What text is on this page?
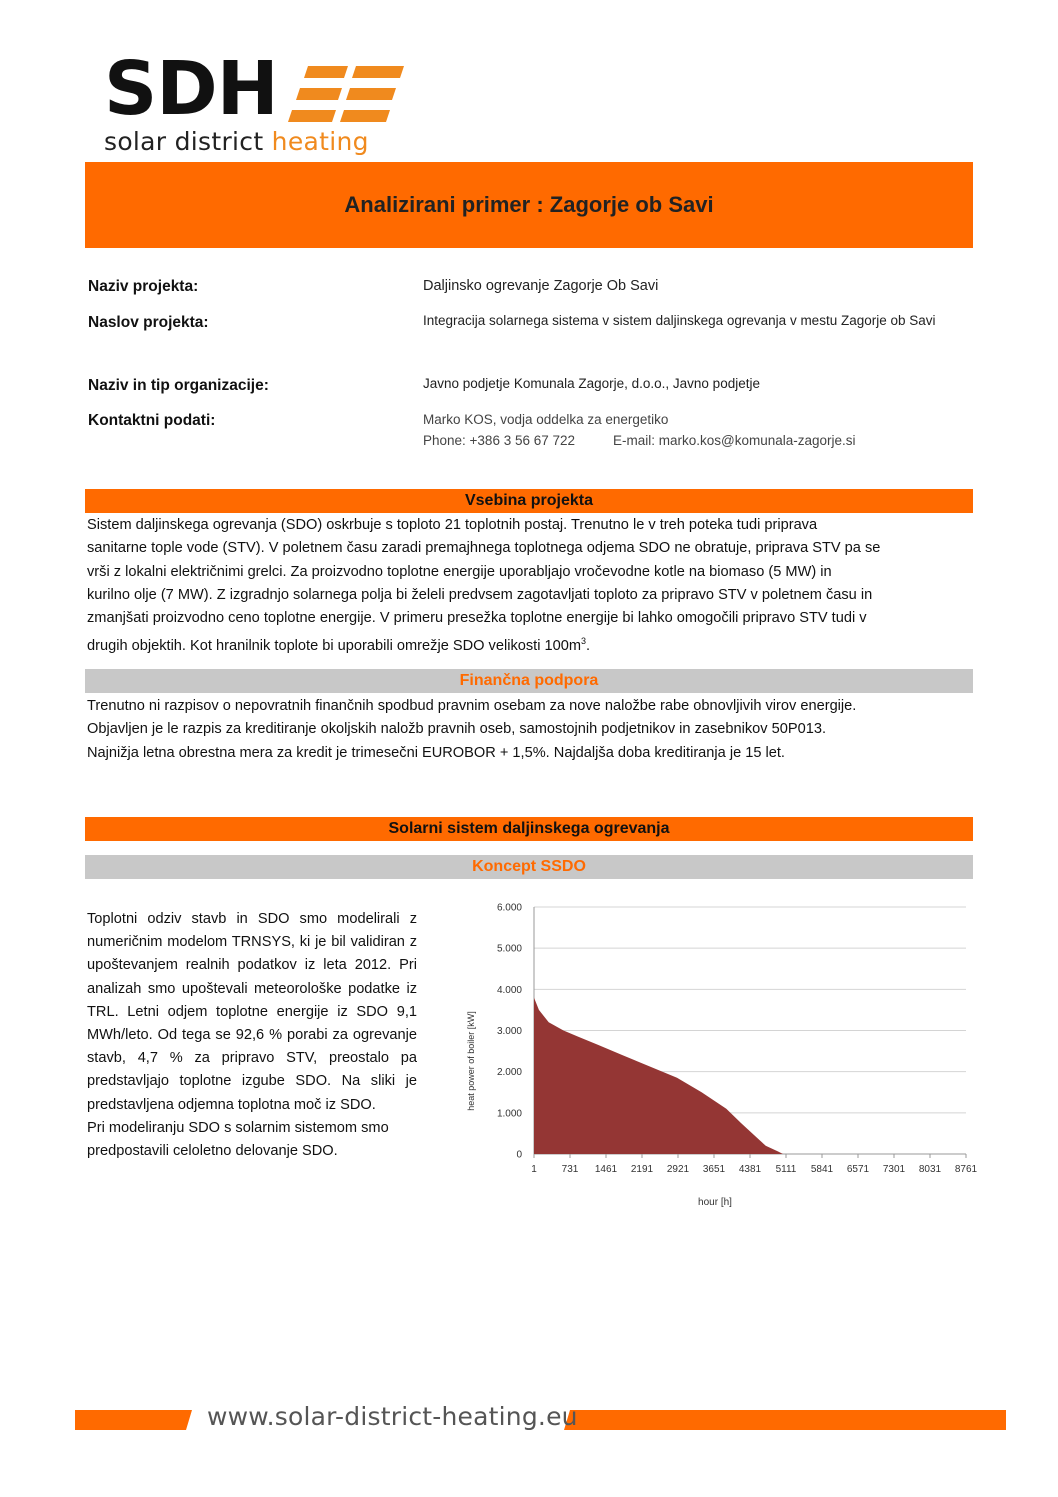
SDH
solar district heating
Analizirani primer : Zagorje ob Savi
Naziv projekta:	Daljinsko ogrevanje Zagorje Ob Savi
Naslov projekta:	Integracija solarnega sistema v sistem daljinskega ogrevanja v mestu Zagorje ob Savi
Naziv in tip organizacije:	Javno podjetje Komunala Zagorje, d.o.o., Javno podjetje
Kontaktni podati:	Marko KOS, vodja oddelka za energetiko
Phone: +386 3 56 67 722	E-mail: marko.kos@komunala-zagorje.si
Vsebina projekta
Sistem daljinskega ogrevanja (SDO) oskrbuje s toploto 21 toplotnih postaj. Trenutno le v treh poteka tudi priprava
sanitarne tople vode (STV). V poletnem času zaradi premajhnega toplotnega odjema SDO ne obratuje, priprava STV pa se
vrši z lokalni električnimi grelci. Za proizvodno toplotne energije uporabljajo vročevodne kotle na biomaso (5 MW) in
kurilno olje (7 MW). Z izgradnjo solarnega polja bi želeli predvsem zagotavljati toploto za pripravo STV v poletnem času in
zmanjšati proizvodno ceno toplotne energije. V primeru presežka toplotne energije bi lahko omogočili pripravo STV tudi v
drugih objektih. Kot hranilnik toplote bi uporabili omrežje SDO velikosti $100m^3$.
Finančna podpora
Trenutno ni razpisov o nepovratnih finančnih spodbud pravnim osebam za nove naložbe rabe obnovljivih virov energije.
Objavljen je le razpis za kreditiranje okoljskih naložb pravnih oseb, samostojnih podjetnikov in zasebnikov 50P013.
Najnižja letna obrestna mera za kredit je trimesečni EUROBOR + 1,5%. Najdaljša doba kreditiranja je 15 let.
Solarni sistem daljinskega ogrevanja
Koncept SSDO

Toplotni odziv stavb in SDO smo modelirali z numeričnim modelom TRNSYS, ki je bil validiran z upoštevanjem realnih podatkov iz leta 2012. Pri analizah smo upoštevali meteorološke podatke iz TRL. Letni odjem toplotne energije iz SDO 9,1 MWh/leto. Od tega se 92,6 % porabi za ogrevanje stavb, 4,7 % za pripravo STV, preostalo pa predstavljajo toplotne izgube SDO. Na sliki je predstavljena odjemna toplotna moč iz SDO.

Pri modeliranju SDO s solarnim sistemom smo predpostavili celoletno delovanje SDO.	0
1.000
2.000
3.000
4.000
5.000
6.000
1 731 1461 2191 2921 3651 4381 5111 5841 6571 7301 8031 8761
heat power of boiler [kW]
hour [h]
www.solar-district-heating.eu
